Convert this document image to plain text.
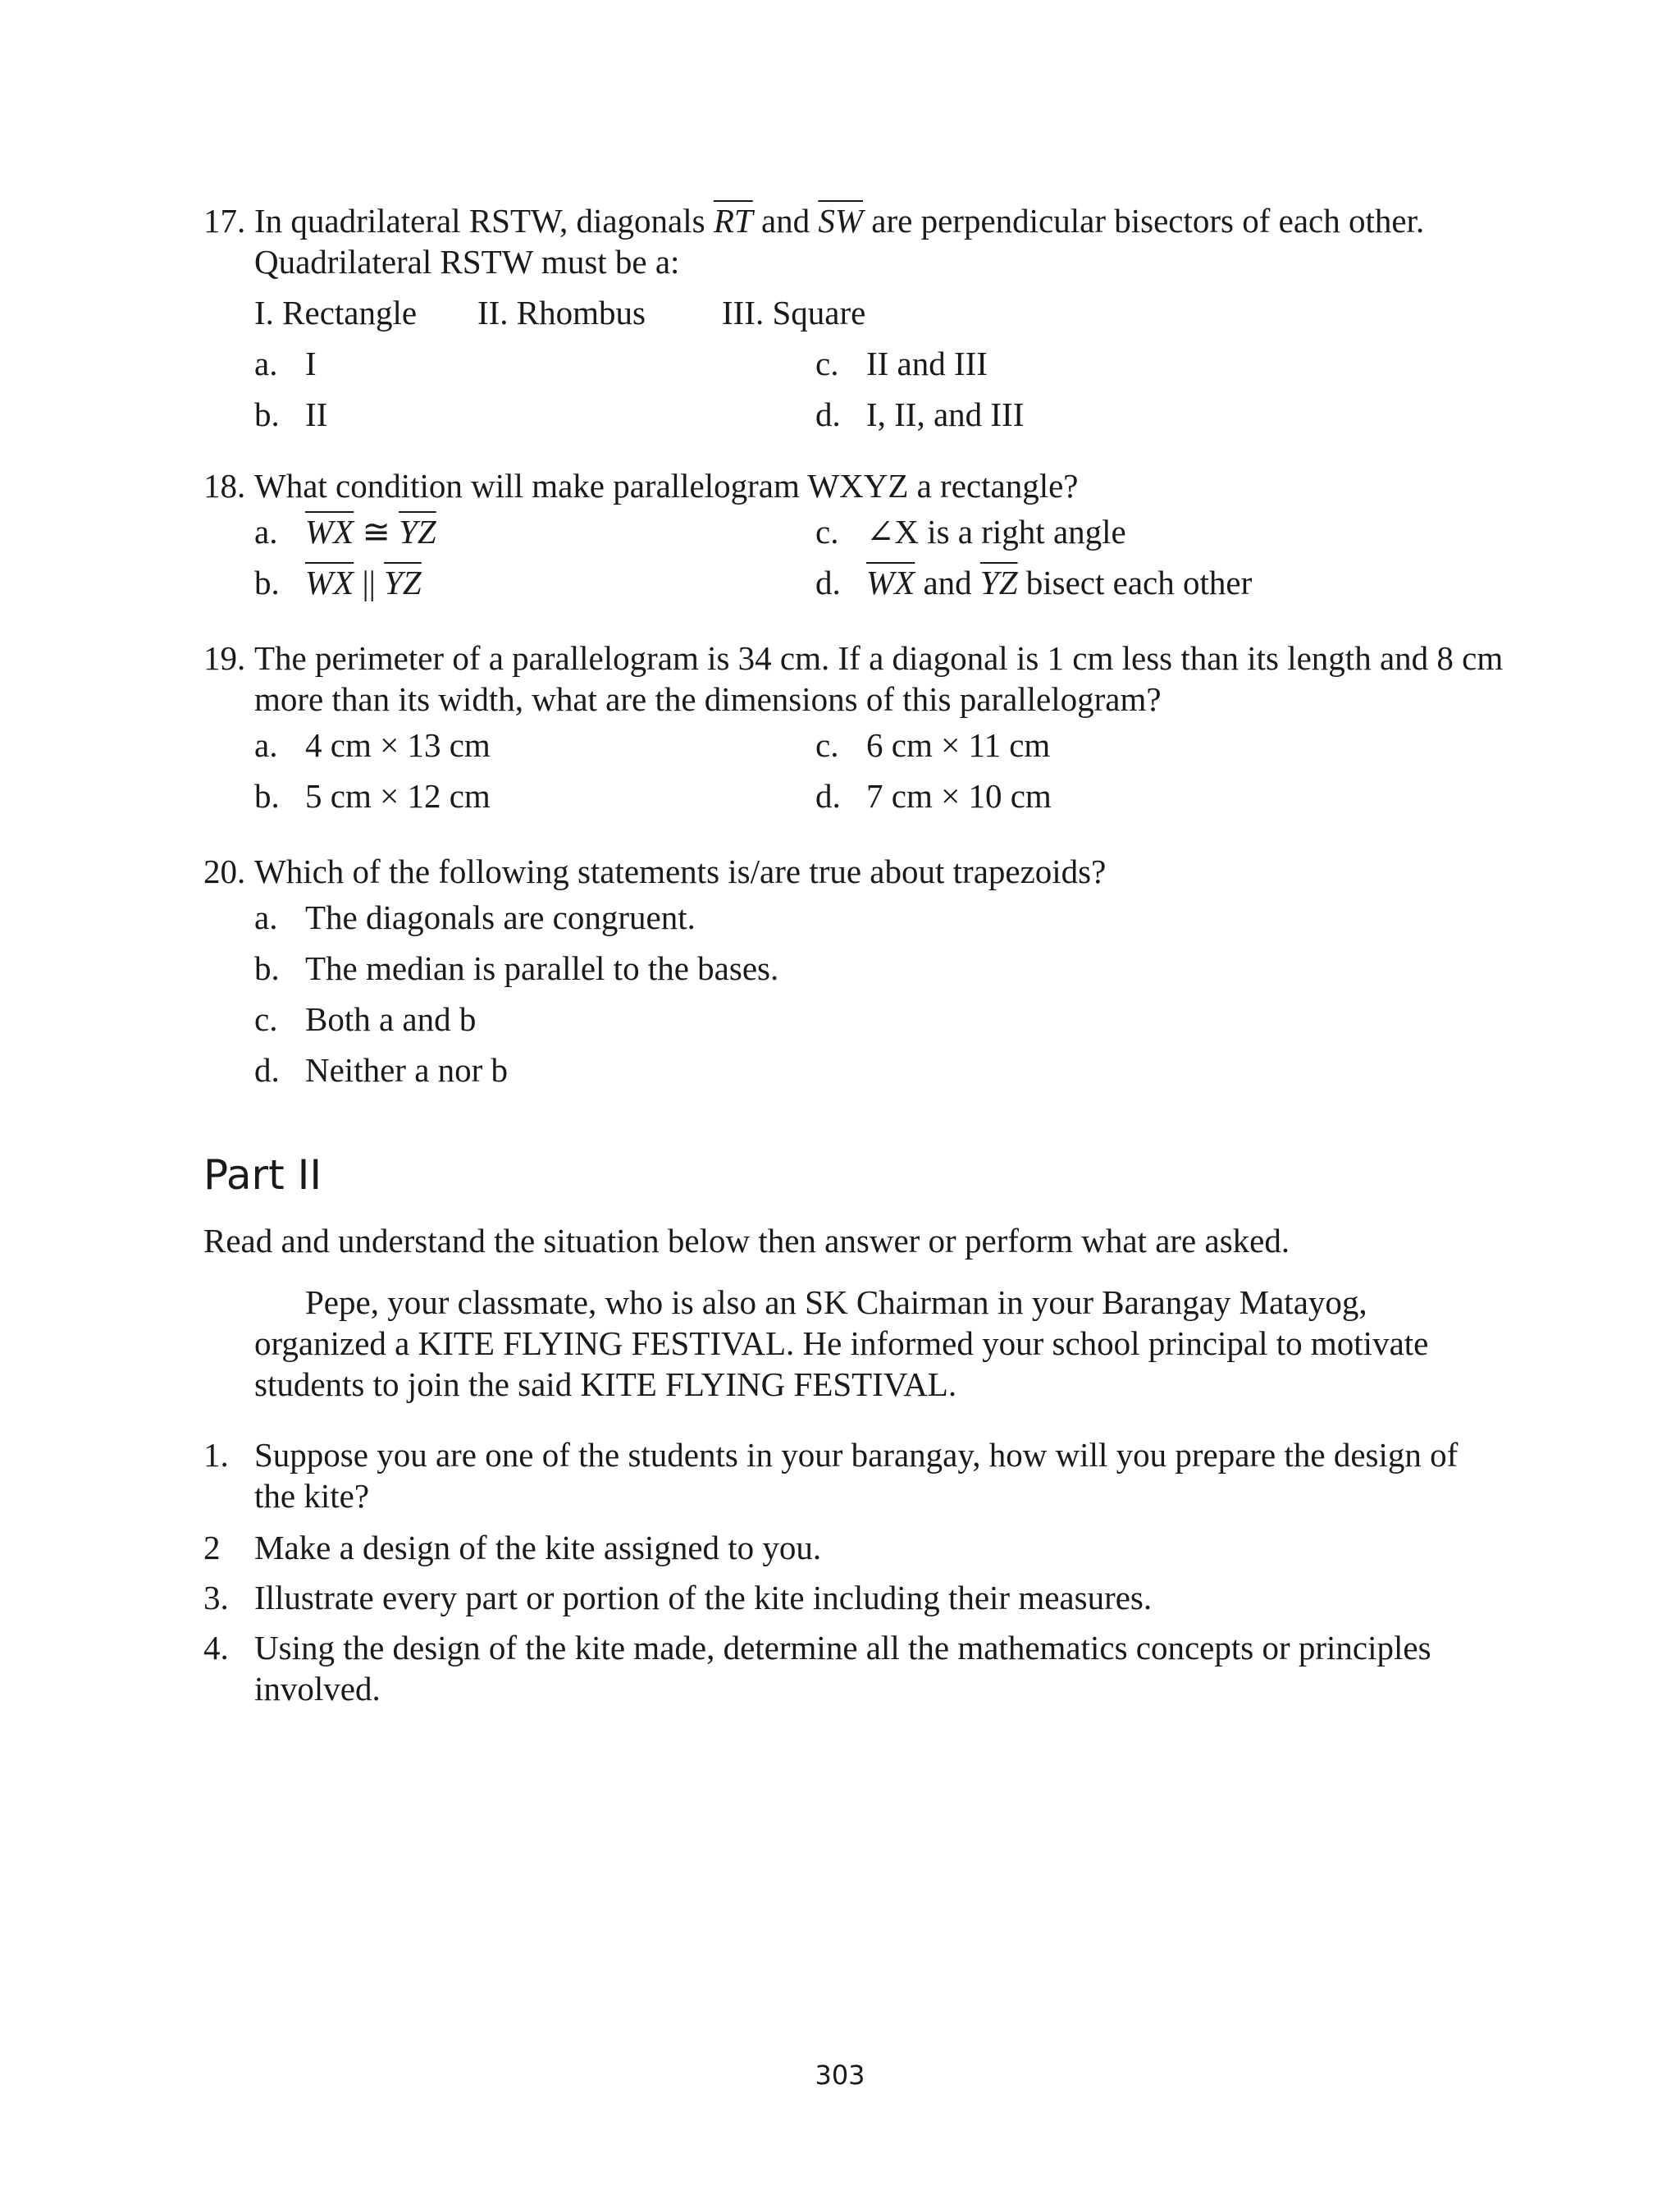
17. In quadrilateral RSTW, diagonals $\overline{RT}$ and $\overline{SW}$ are perpendicular bisectors of each other.
Quadrilateral RSTW must be a:
I. Rectangle II. Rhombus III. Square
a. I	c. II and III
b. II	d. I, II, and III
18. What condition will make parallelogram WXYZ a rectangle?
a. $\overline{WX}$ ≅ $\overline{YZ}$	c. ∠X is a right angle
b. $\overline{WX}$ || $\overline{YZ}$	d. $\overline{WX}$ and $\overline{YZ}$ bisect each other
19. The perimeter of a parallelogram is 34 cm. If a diagonal is 1 cm less than its length and 8 cm
more than its width, what are the dimensions of this parallelogram?
a. 4 cm × 13 cm	c. 6 cm × 11 cm
b. 5 cm × 12 cm	d. 7 cm × 10 cm
20. Which of the following statements is/are true about trapezoids?
a. The diagonals are congruent.
b. The median is parallel to the bases.
c. Both a and b
d. Neither a nor b
Part II
Read and understand the situation below then answer or perform what are asked.
Pepe, your classmate, who is also an SK Chairman in your Barangay Matayog,
organized a KITE FLYING FESTIVAL. He informed your school principal to motivate
students to join the said KITE FLYING FESTIVAL.
1. Suppose you are one of the students in your barangay, how will you prepare the design of
the kite?
2 Make a design of the kite assigned to you.
3. Illustrate every part or portion of the kite including their measures.
4. Using the design of the kite made, determine all the mathematics concepts or principles
involved.
303
